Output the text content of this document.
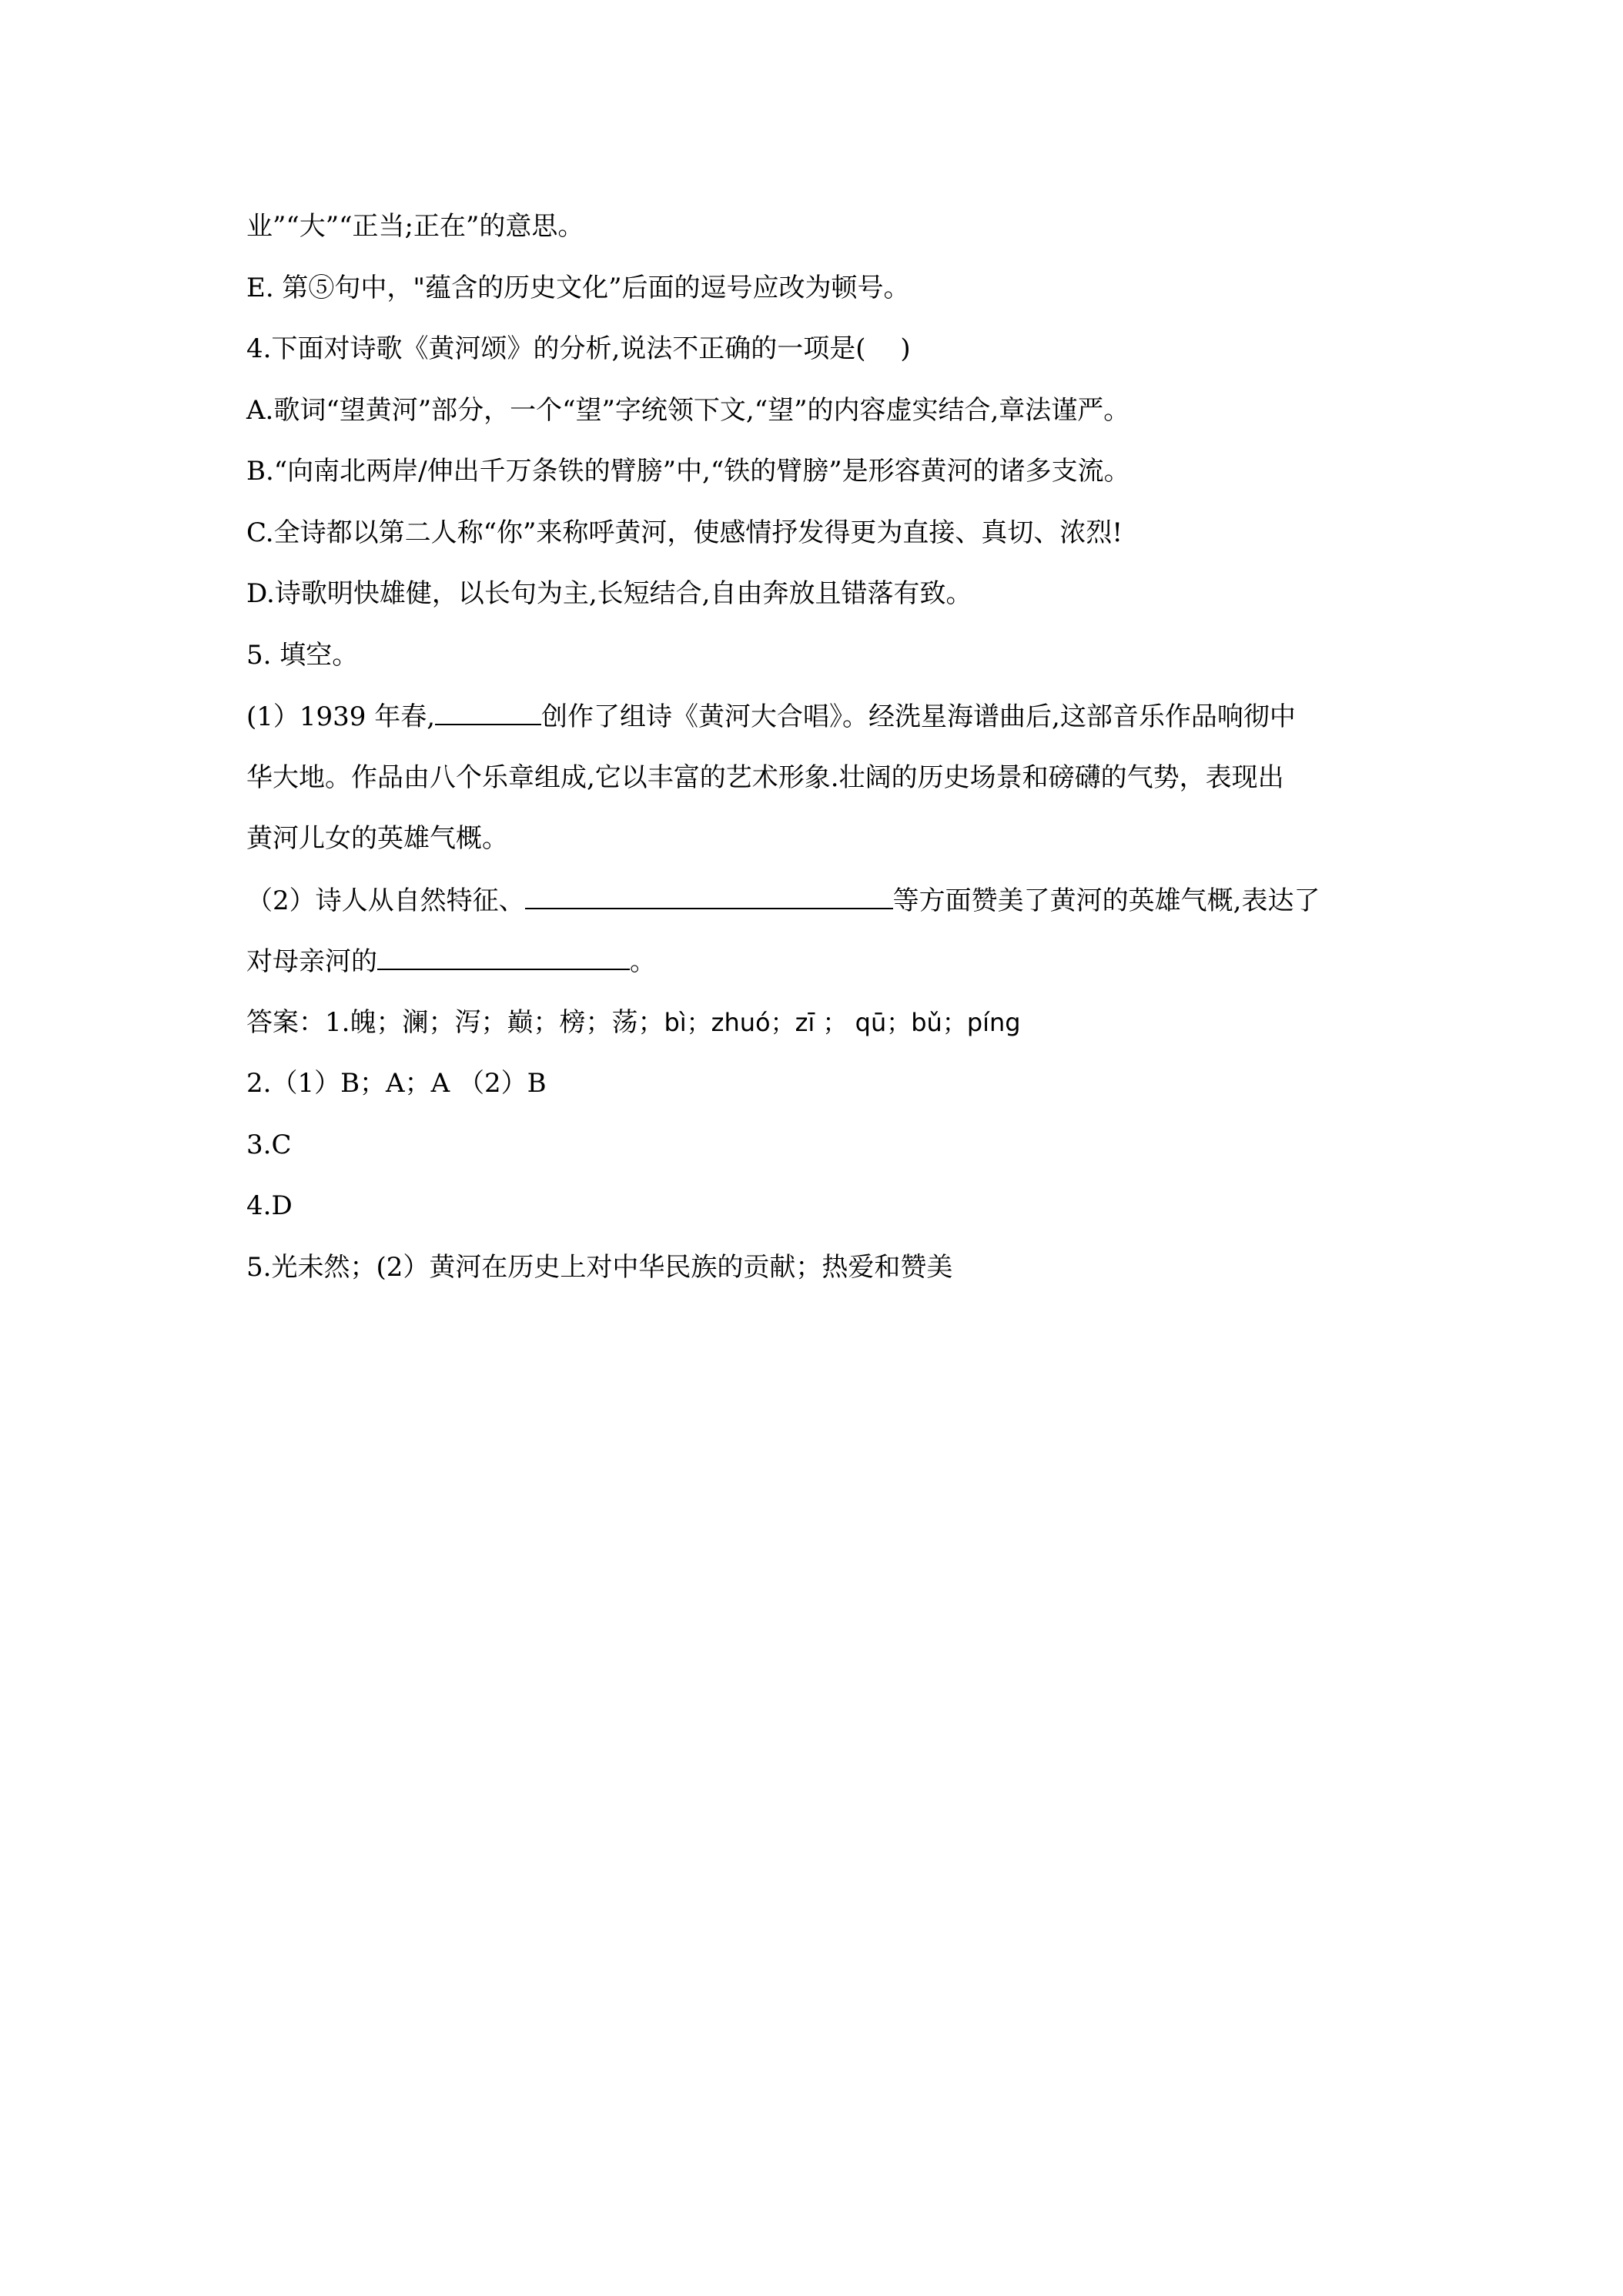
业”“大”“正当;正在”的意思。
E. 第⑤句中，"蕴含的历史文化”后面的逗号应改为顿号。
4.下面对诗歌《黄河颂》的分析,说法不正确的一项是(　 )
A.歌词“望黄河”部分，一个“望”字统领下文,“望”的内容虚实结合,章法谨严。
B.“向南北两岸/伸出千万条铁的臂膀”中,“铁的臂膀”是形容黄河的诸多支流。
C.全诗都以第二人称“你”来称呼黄河，使感情抒发得更为直接、真切、浓烈!
D.诗歌明快雄健，以长句为主,长短结合,自由奔放且错落有致。
5. 填空。
(1）1939 年春,	创作了组诗《黄河大合唱》。经洗星海谱曲后,这部音乐作品响彻中
华大地。作品由八个乐章组成,它以丰富的艺术形象.壮阔的历史场景和磅礴的气势，表现出
黄河儿女的英雄气概。
（2）诗人从自然特征、	等方面赞美了黄河的英雄气概,表达了
对母亲河的	。
答案：1.魄；澜；泻；巅；榜；荡；bì；zhuó；zī ； qū；bǔ；píng
2.（1）B；A；A （2）B
3.C
4.D
5.光未然；(2）黄河在历史上对中华民族的贡献；热爱和赞美
